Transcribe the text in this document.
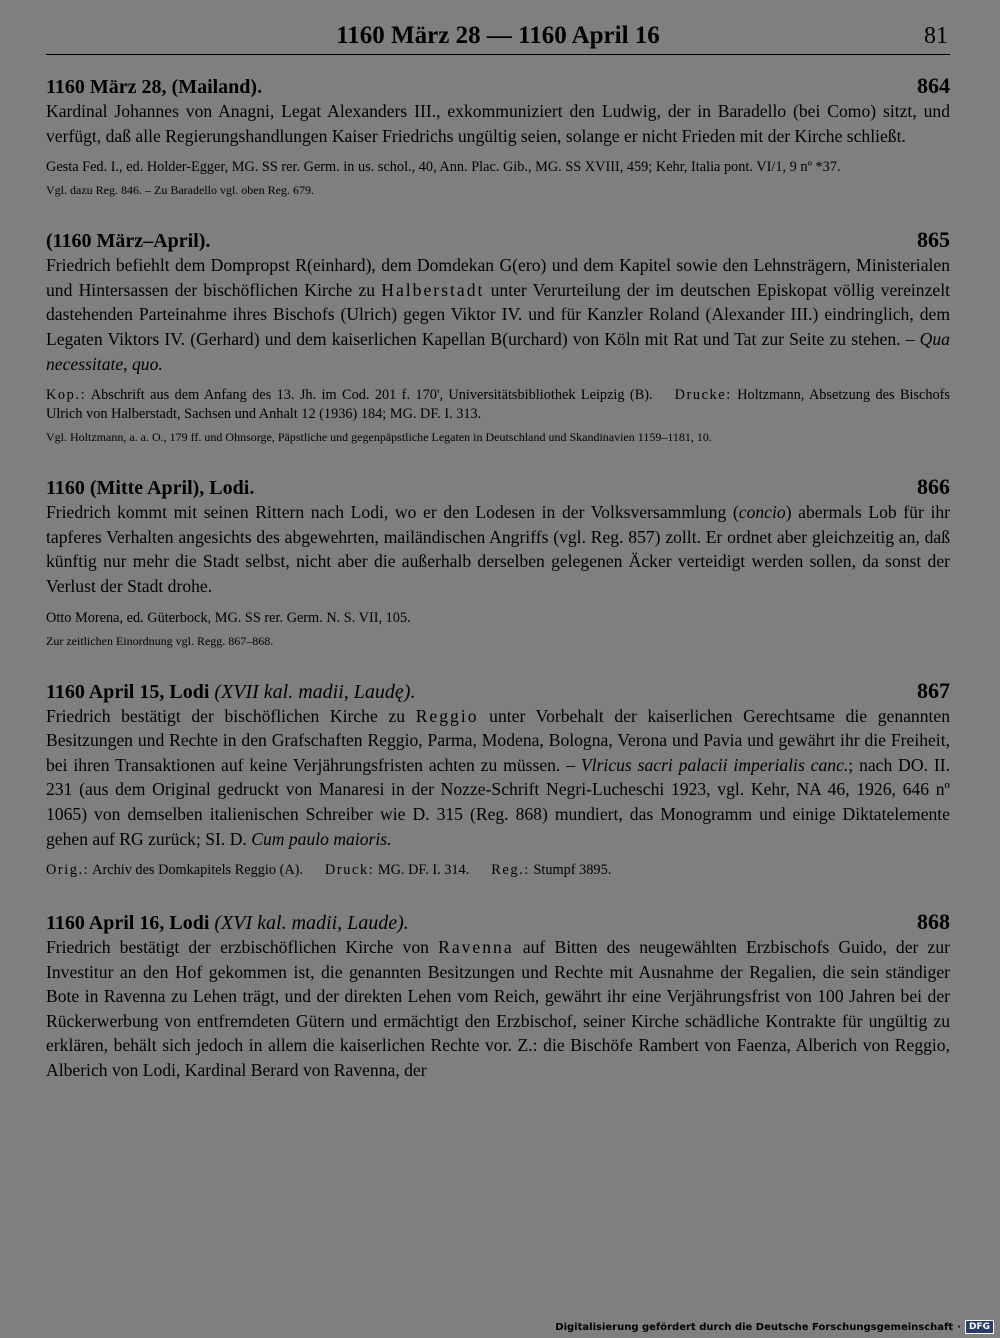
1160 März 28 — 1160 April 16	81
1160 März 28, (Mailand).	864

Kardinal Johannes von Anagni, Legat Alexanders III., exkommuniziert den Ludwig, der in Baradello (bei Como) sitzt, und verfügt, daß alle Regierungshandlungen Kaiser Friedrichs ungültig seien, solange er nicht Frieden mit der Kirche schließt.

Gesta Fed. I., ed. Holder-Egger, MG. SS rer. Germ. in us. schol., 40, Ann. Plac. Gib., MG. SS XVIII, 459; Kehr, Italia pont. VI/1, 9 nº *37.
Vgl. dazu Reg. 846. – Zu Baradello vgl. oben Reg. 679.
(1160 März–April).	865

Friedrich befiehlt dem Dompropst R(einhard), dem Domdekan G(ero) und dem Kapitel sowie den Lehnsträgern, Ministerialen und Hintersassen der bischöflichen Kirche zu Halberstadt unter Verurteilung der im deutschen Episkopat völlig vereinzelt dastehenden Parteinahme ihres Bischofs (Ulrich) gegen Viktor IV. und für Kanzler Roland (Alexander III.) eindringlich, dem Legaten Viktors IV. (Gerhard) und dem kaiserlichen Kapellan B(urchard) von Köln mit Rat und Tat zur Seite zu stehen. – Qua necessitate, quo.

Kop.: Abschrift aus dem Anfang des 13. Jh. im Cod. 201 f. 170', Universitätsbibliothek Leipzig (B). Drucke: Holtzmann, Absetzung des Bischofs Ulrich von Halberstadt, Sachsen und Anhalt 12 (1936) 184; MG. DF. I. 313.
Vgl. Holtzmann, a. a. O., 179 ff. und Ohnsorge, Päpstliche und gegenpäpstliche Legaten in Deutschland und Skandinavien 1159–1181, 10.
1160 (Mitte April), Lodi.	866

Friedrich kommt mit seinen Rittern nach Lodi, wo er den Lodesen in der Volksversammlung (concio) abermals Lob für ihr tapferes Verhalten angesichts des abgewehrten, mailändischen Angriffs (vgl. Reg. 857) zollt. Er ordnet aber gleichzeitig an, daß künftig nur mehr die Stadt selbst, nicht aber die außerhalb derselben gelegenen Äcker verteidigt werden sollen, da sonst der Verlust der Stadt drohe.

Otto Morena, ed. Güterbock, MG. SS rer. Germ. N. S. VII, 105.
Zur zeitlichen Einordnung vgl. Regg. 867–868.
1160 April 15, Lodi (XVII kal. madii, Laudę).	867

Friedrich bestätigt der bischöflichen Kirche zu Reggio unter Vorbehalt der kaiserlichen Gerechtsame die genannten Besitzungen und Rechte in den Grafschaften Reggio, Parma, Modena, Bologna, Verona und Pavia und gewährt ihr die Freiheit, bei ihren Transaktionen auf keine Verjährungsfristen achten zu müssen. – Vlricus sacri palacii imperialis canc.; nach DO. II. 231 (aus dem Original gedruckt von Manaresi in der Nozze-Schrift Negri-Lucheschi 1923, vgl. Kehr, NA 46, 1926, 646 nº 1065) von demselben italienischen Schreiber wie D. 315 (Reg. 868) mundiert, das Monogramm und einige Diktatelemente gehen auf RG zurück; SI. D. Cum paulo maioris.

Orig.: Archiv des Domkapitels Reggio (A). Druck: MG. DF. I. 314. Reg.: Stumpf 3895.
1160 April 16, Lodi (XVI kal. madii, Laude).	868

Friedrich bestätigt der erzbischöflichen Kirche von Ravenna auf Bitten des neugewählten Erzbischofs Guido, der zur Investitur an den Hof gekommen ist, die genannten Besitzungen und Rechte mit Ausnahme der Regalien, die sein ständiger Bote in Ravenna zu Lehen trägt, und der direkten Lehen vom Reich, gewährt ihr eine Verjährungsfrist von 100 Jahren bei der Rückerwerbung von entfremdeten Gütern und ermächtigt den Erzbischof, seiner Kirche schädliche Kontrakte für ungültig zu erklären, behält sich jedoch in allem die kaiserlichen Rechte vor. Z.: die Bischöfe Rambert von Faenza, Alberich von Reggio, Alberich von Lodi, Kardinal Berard von Ravenna, der

Digitalisierung gefördert durch die Deutsche Forschungsgemeinschaft · DFG
